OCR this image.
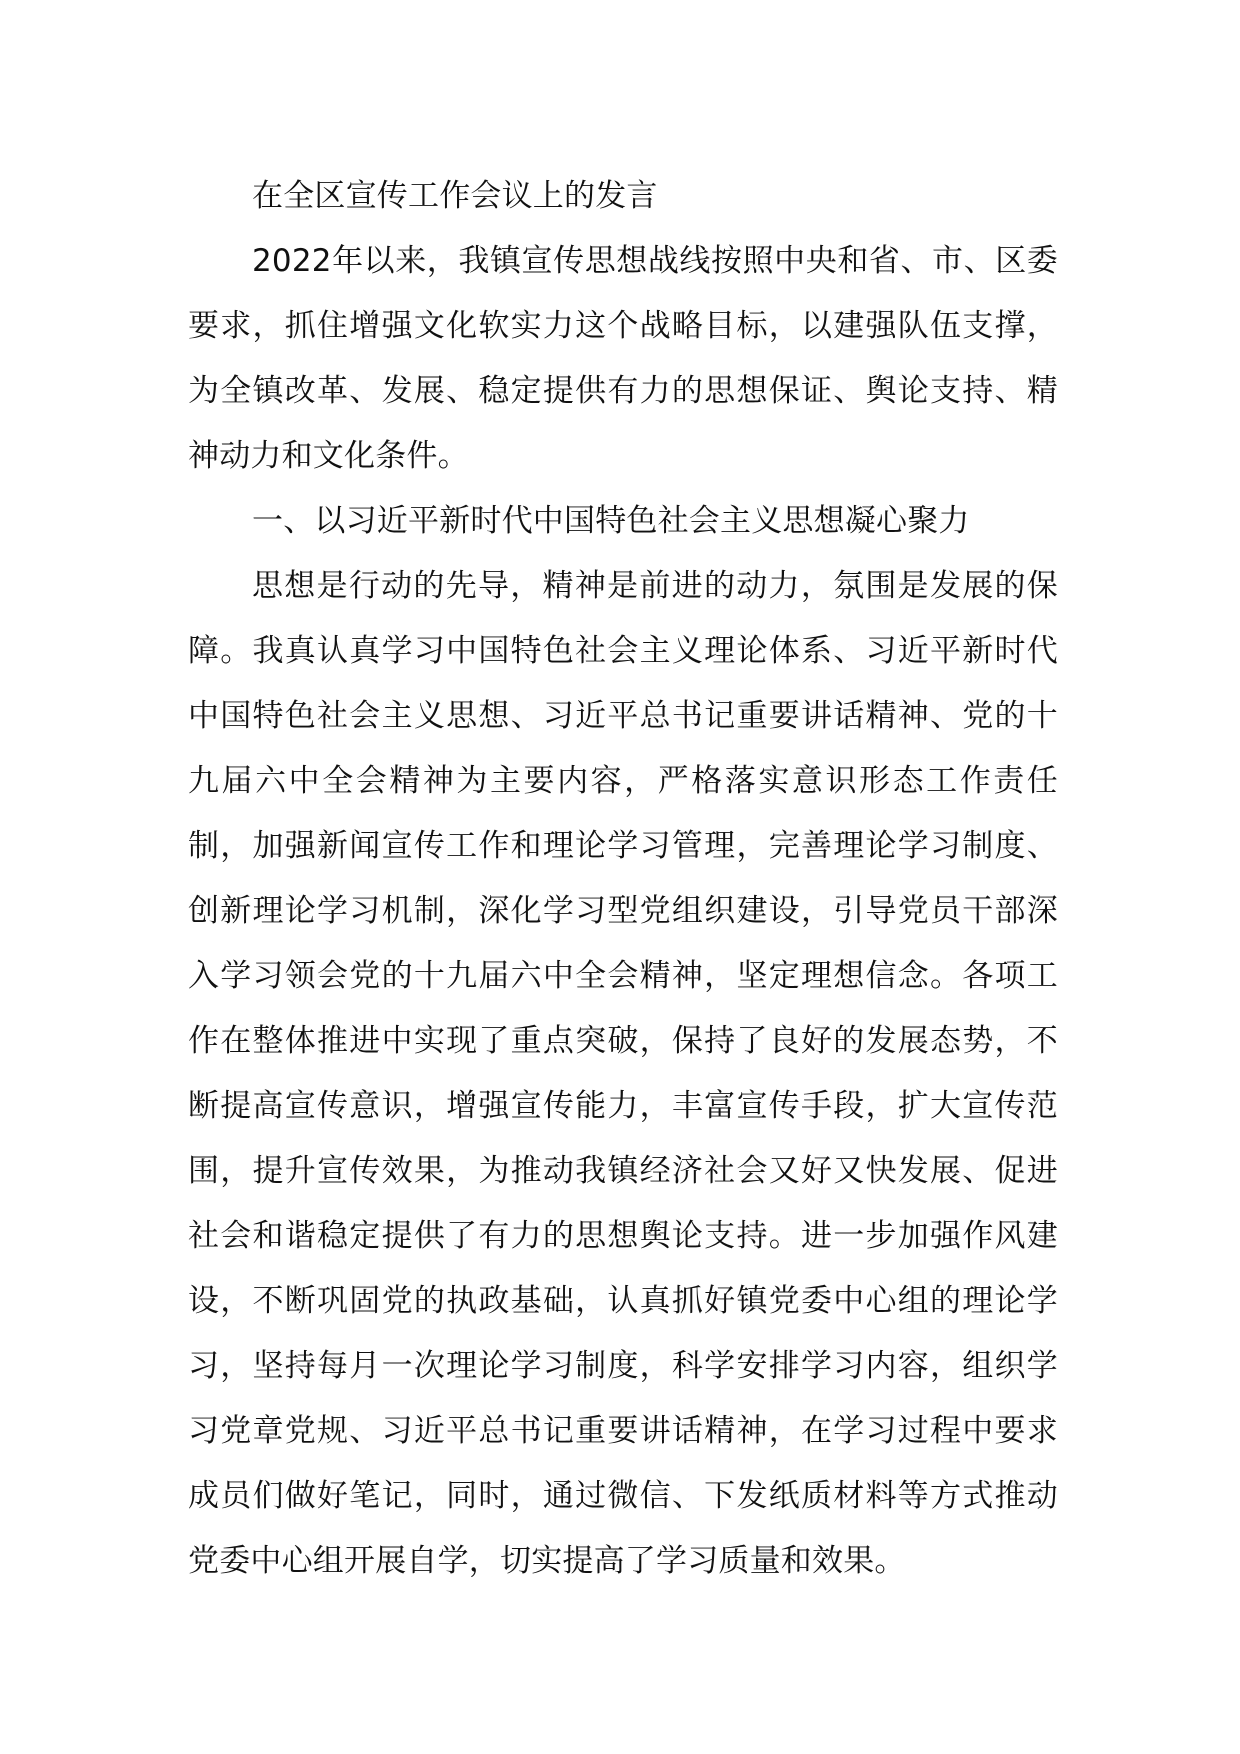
在全区宣传工作会议上的发言

2022年以来，我镇宣传思想战线按照中央和省、市、区委要求，抓住增强文化软实力这个战略目标，以建强队伍支撑，为全镇改革、发展、稳定提供有力的思想保证、舆论支持、精神动力和文化条件。

一、以习近平新时代中国特色社会主义思想凝心聚力

思想是行动的先导，精神是前进的动力，氛围是发展的保障。我真认真学习中国特色社会主义理论体系、习近平新时代中国特色社会主义思想、习近平总书记重要讲话精神、党的十九届六中全会精神为主要内容，严格落实意识形态工作责任制，加强新闻宣传工作和理论学习管理，完善理论学习制度、创新理论学习机制，深化学习型党组织建设，引导党员干部深入学习领会党的十九届六中全会精神，坚定理想信念。各项工作在整体推进中实现了重点突破，保持了良好的发展态势，不断提高宣传意识，增强宣传能力，丰富宣传手段，扩大宣传范围，提升宣传效果，为推动我镇经济社会又好又快发展、促进社会和谐稳定提供了有力的思想舆论支持。进一步加强作风建设，不断巩固党的执政基础，认真抓好镇党委中心组的理论学习，坚持每月一次理论学习制度，科学安排学习内容，组织学习党章党规、习近平总书记重要讲话精神，在学习过程中要求成员们做好笔记，同时，通过微信、下发纸质材料等方式推动党委中心组开展自学，切实提高了学习质量和效果。
